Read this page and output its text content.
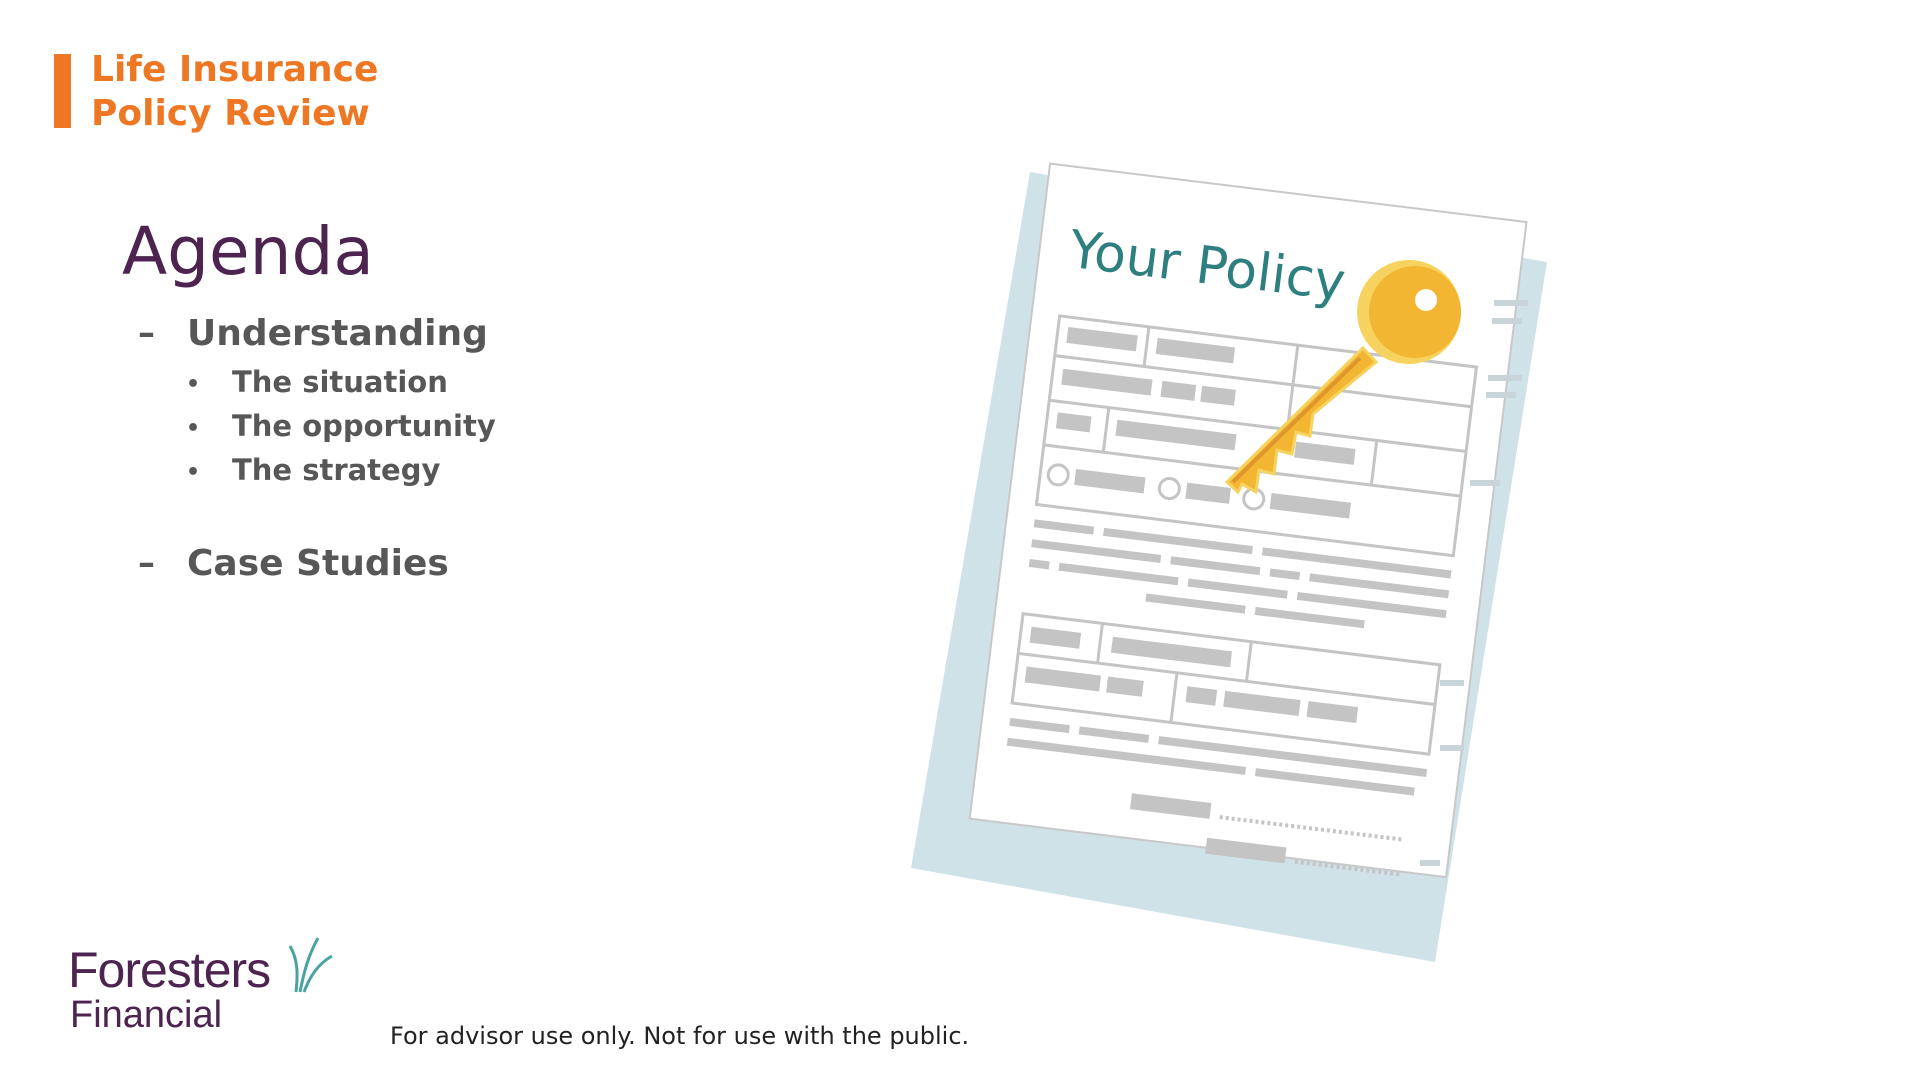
Life Insurance
Policy Review
Agenda
– Understanding
• The situation
• The opportunity
• The strategy
– Case Studies
Your Policy
Foresters
Financial	For advisor use only. Not for use with the public.
